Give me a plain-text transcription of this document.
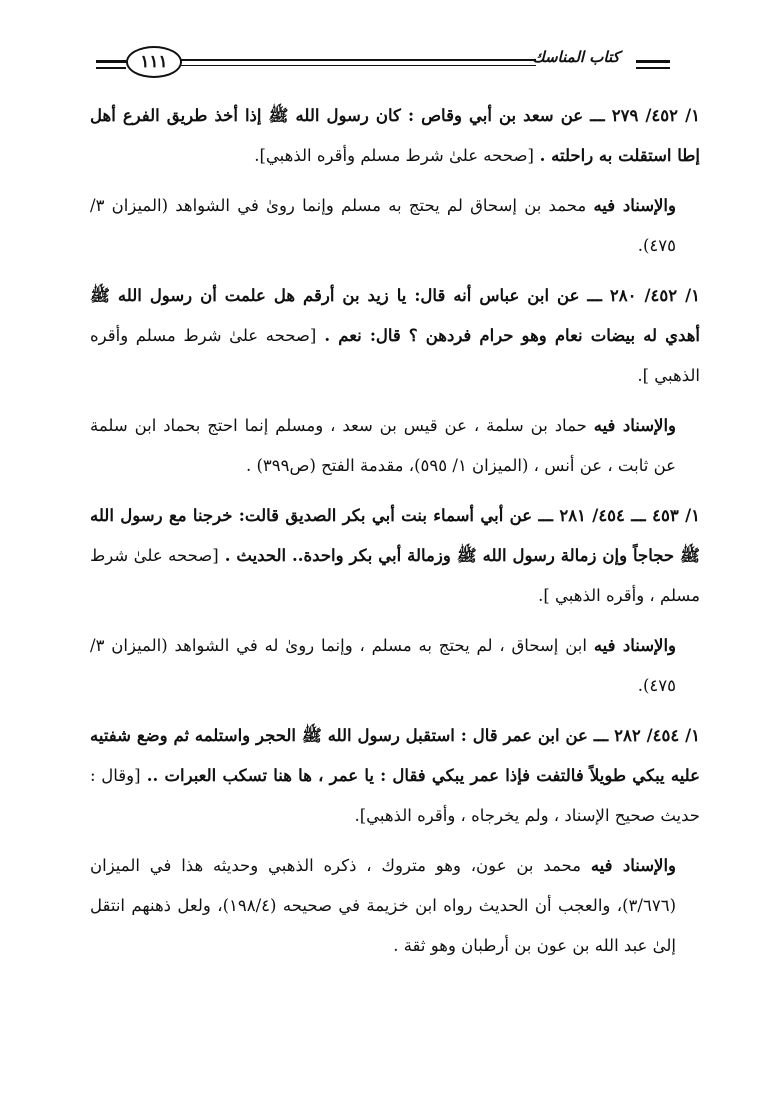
١١١	كتاب المناسك

١/ ٤٥٢/ ٢٧٩ ـــ عن سعد بن أبي وقاص : كان رسول الله ﷺ إذا أخذ طريق الفرع أهل إطا استقلت به راحلته . [صححه علىٰ شرط مسلم وأقره الذهبي].

والإسناد فيه محمد بن إسحاق لم يحتج به مسلم وإنما روىٰ في الشواهد (الميزان ٣/ ٤٧٥).

١/ ٤٥٢/ ٢٨٠ ـــ عن ابن عباس أنه قال: يا زيد بن أرقم هل علمت أن رسول الله ﷺ أهدي له بيضات نعام وهو حرام فردهن ؟ قال: نعم . [صححه علىٰ شرط مسلم وأقره الذهبي ].

والإسناد فيه حماد بن سلمة ، عن قيس بن سعد ، ومسلم إنما احتج بحماد ابن سلمة عن ثابت ، عن أنس ، (الميزان ١/ ٥٩٥)، مقدمة الفتح (ص٣٩٩) .

١/ ٤٥٣ ـــ ٤٥٤/ ٢٨١ ـــ عن أبي أسماء بنت أبي بكر الصديق قالت: خرجنا مع رسول الله ﷺ حجاجاً وإن زمالة رسول الله ﷺ وزمالة أبي بكر واحدة.. الحديث . [صححه علىٰ شرط مسلم ، وأقره الذهبي ].

والإسناد فيه ابن إسحاق ، لم يحتج به مسلم ، وإنما روىٰ له في الشواهد (الميزان ٣/ ٤٧٥).

١/ ٤٥٤/ ٢٨٢ ـــ عن ابن عمر قال : استقبل رسول الله ﷺ الحجر واستلمه ثم وضع شفتيه عليه يبكي طويلاً فالتفت فإذا عمر يبكي فقال : يا عمر ، ها هنا تسكب العبرات .. [وقال : حديث صحيح الإسناد ، ولم يخرجاه ، وأقره الذهبي].

والإسناد فيه محمد بن عون، وهو متروك ، ذكره الذهبي وحديثه هذا في الميزان (٣/٦٧٦)، والعجب أن الحديث رواه ابن خزيمة في صحيحه (١٩٨/٤)، ولعل ذهنهم انتقل إلىٰ عبد الله بن عون بن أرطبان وهو ثقة .
